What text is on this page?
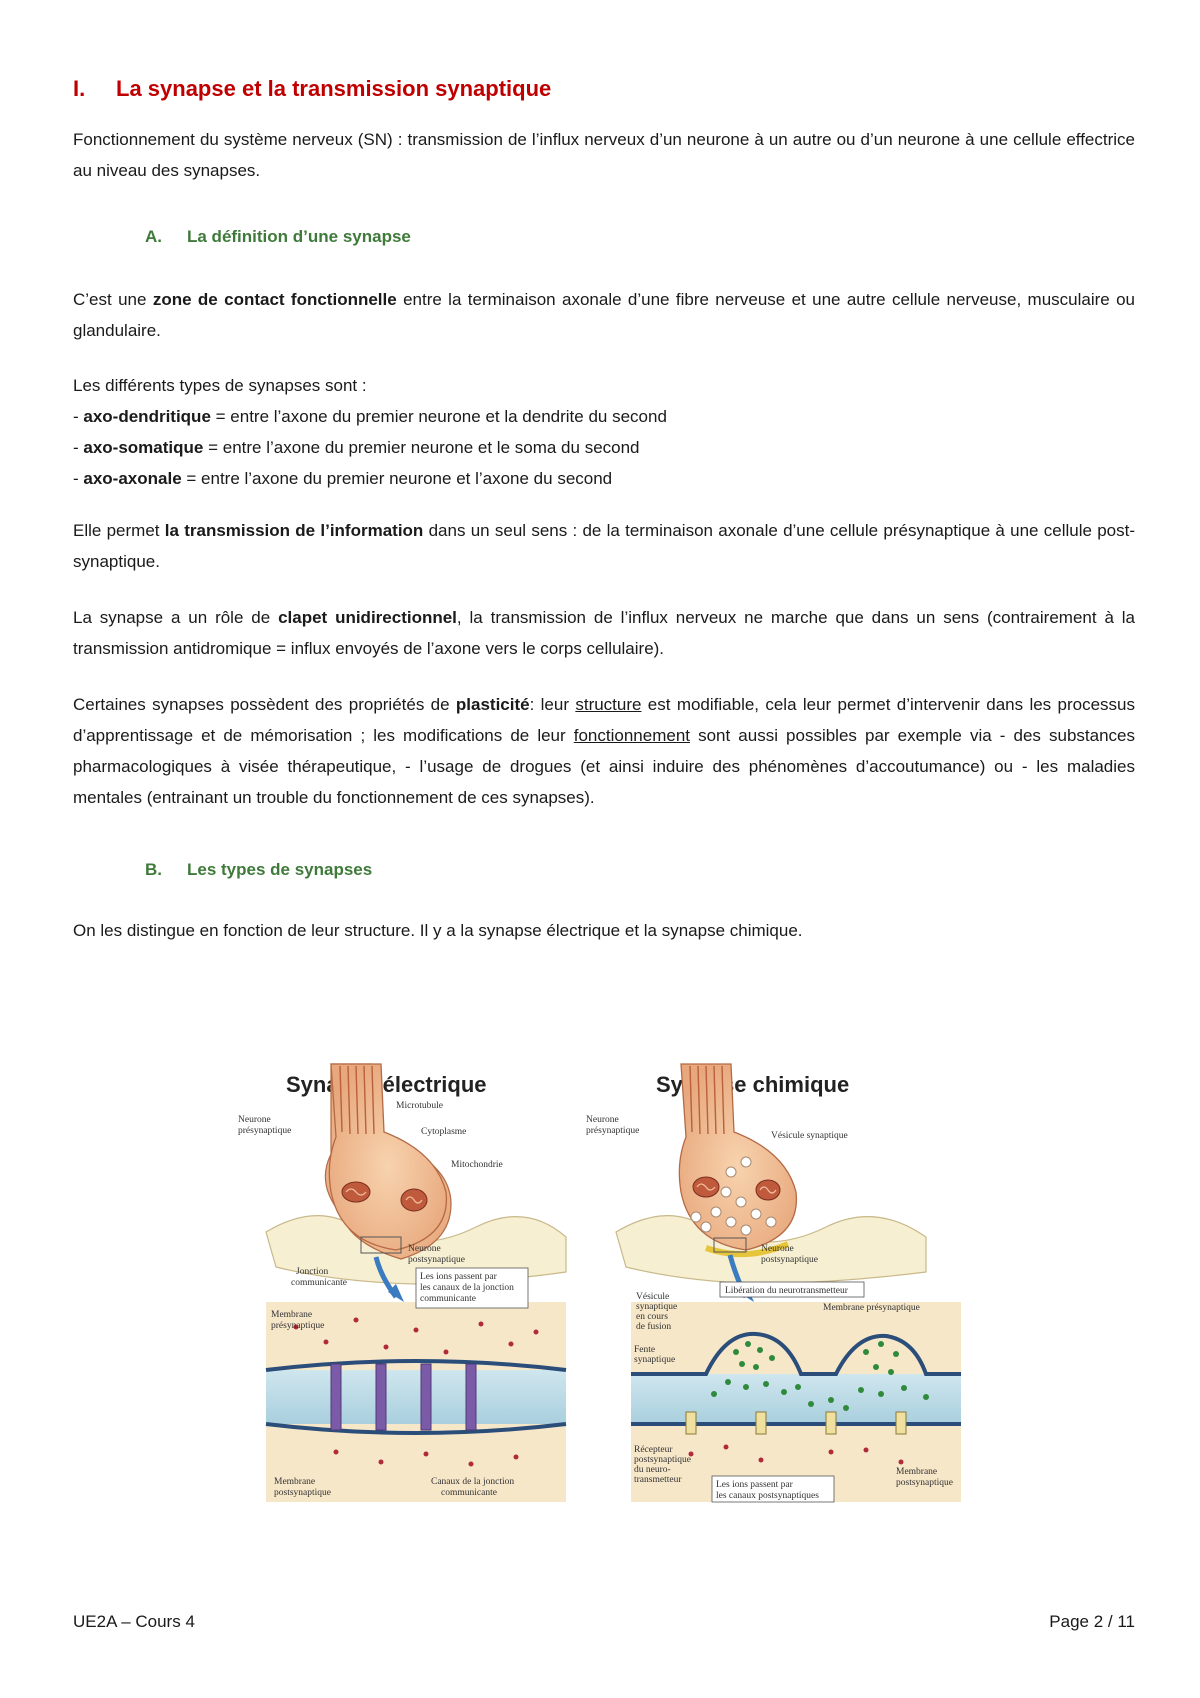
I. La synapse et la transmission synaptique
Fonctionnement du système nerveux (SN) : transmission de l’influx nerveux d’un neurone à un autre ou d’un neurone à une cellule effectrice au niveau des synapses.
A. La définition d’une synapse
C’est une zone de contact fonctionnelle entre la terminaison axonale d’une fibre nerveuse et une autre cellule nerveuse, musculaire ou glandulaire.
Les différents types de synapses sont :
- axo-dendritique = entre l’axone du premier neurone et la dendrite du second
- axo-somatique = entre l’axone du premier neurone et le soma du second
- axo-axonale = entre l’axone du premier neurone et l’axone du second
Elle permet la transmission de l’information dans un seul sens : de la terminaison axonale d’une cellule présynaptique à une cellule post-synaptique.
La synapse a un rôle de clapet unidirectionnel, la transmission de l’influx nerveux ne marche que dans un sens (contrairement à la transmission antidromique = influx envoyés de l’axone vers le corps cellulaire).
Certaines synapses possèdent des propriétés de plasticité: leur structure est modifiable, cela leur permet d’intervenir dans les processus d’apprentissage et de mémorisation ; les modifications de leur fonctionnement sont aussi possibles par exemple via - des substances pharmacologiques à visée thérapeutique, - l’usage de drogues (et ainsi induire des phénomènes d’accoutumance) ou - les maladies mentales (entrainant un trouble du fonctionnement de ces synapses).
B. Les types de synapses
On les distingue en fonction de leur structure. Il y a la synapse électrique et la synapse chimique.
UE2A – Cours 4	Page 2 / 11
Synapse électrique	Synapse chimique
Neurone
présynaptique
Microtubule
Cytoplasme
Mitochondrie
Neurone
postsynaptique
Jonction
communicante
Les ions passent par
les canaux de la jonction
communicante
Membrane
présynaptique
Membrane
postsynaptique
Canaux de la jonction
communicante
Neurone
présynaptique	Vésicule synaptique
Neurone
postsynaptique
Vésicule
synaptique
en cours
de fusion
Libération du neurotransmetteur
Membrane présynaptique
Fente
synaptique
Récepteur
postsynaptique
du neuro-
transmetteur	Les ions passent par
les canaux postsynaptiques
Membrane
postsynaptique
